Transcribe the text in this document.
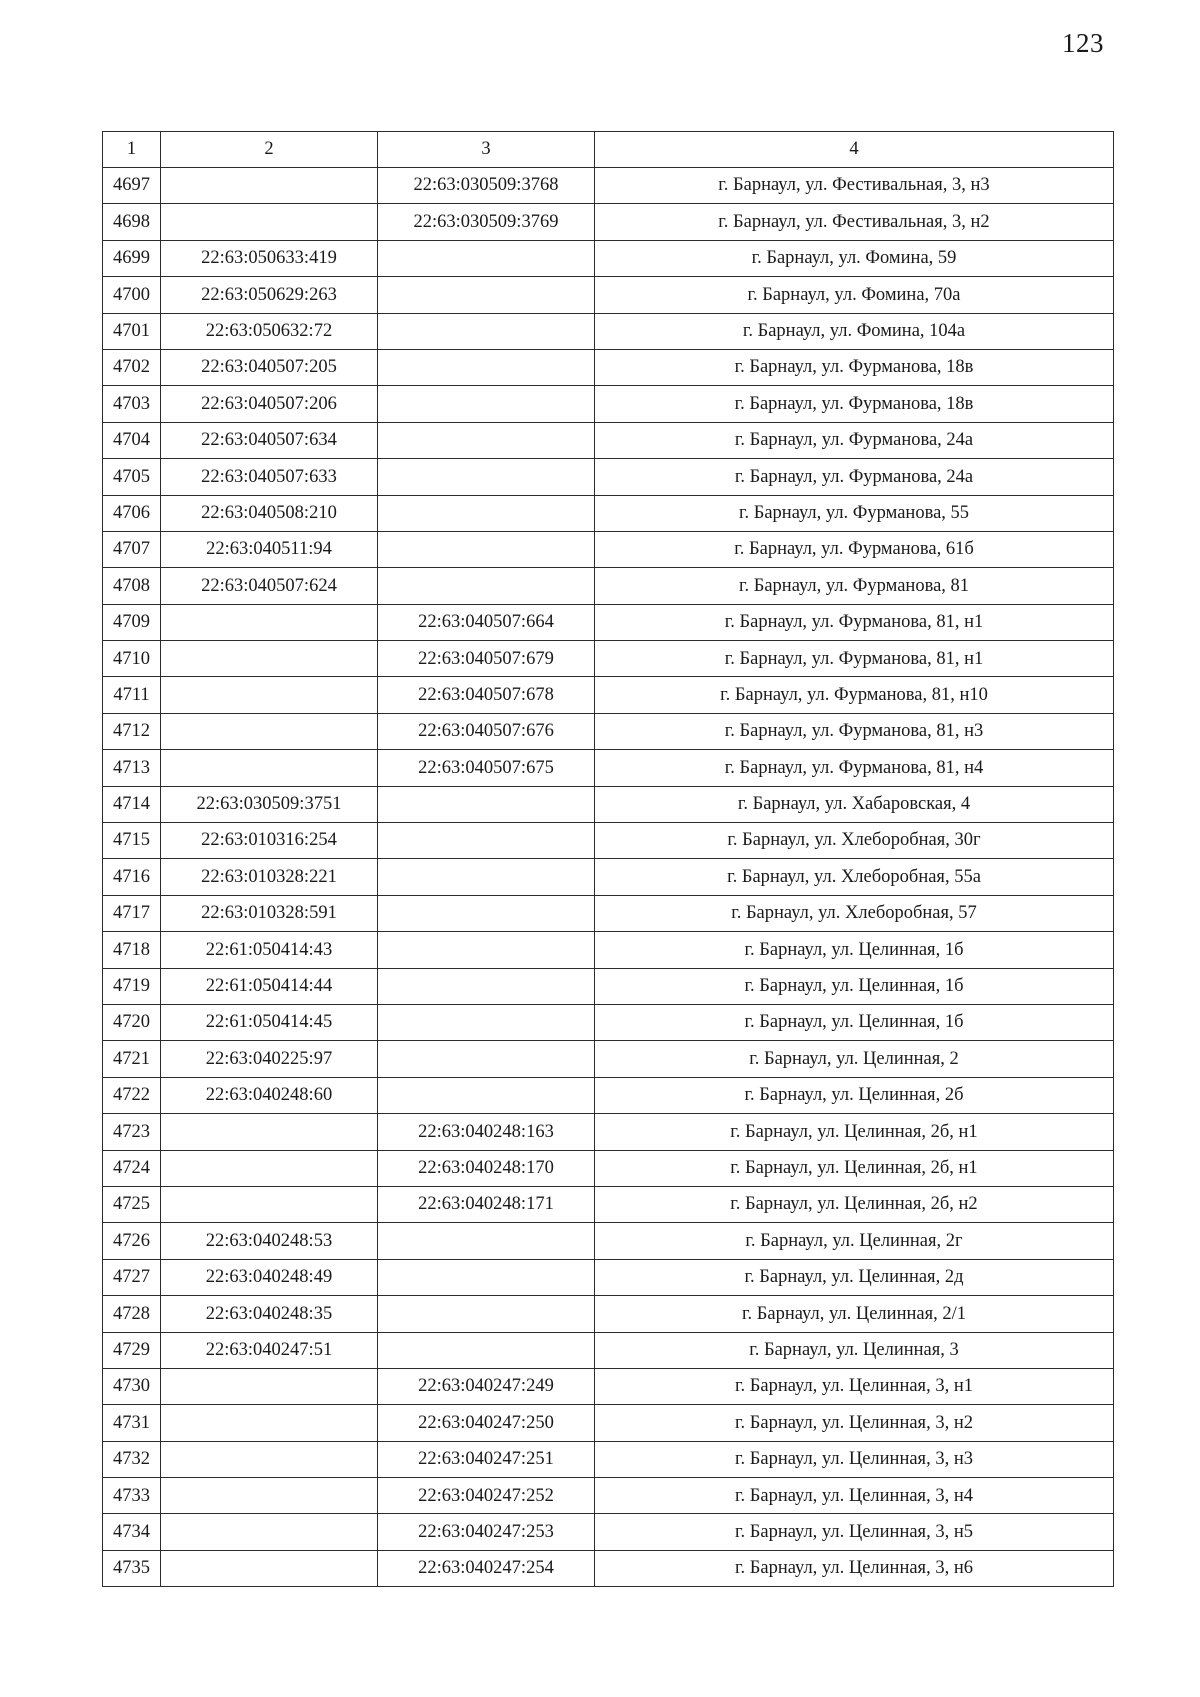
123
1	2	3	4
4697		22:63:030509:3768	г. Барнаул, ул. Фестивальная, 3, н3
4698		22:63:030509:3769	г. Барнаул, ул. Фестивальная, 3, н2
4699	22:63:050633:419		г. Барнаул, ул. Фомина, 59
4700	22:63:050629:263		г. Барнаул, ул. Фомина, 70а
4701	22:63:050632:72		г. Барнаул, ул. Фомина, 104а
4702	22:63:040507:205		г. Барнаул, ул. Фурманова, 18в
4703	22:63:040507:206		г. Барнаул, ул. Фурманова, 18в
4704	22:63:040507:634		г. Барнаул, ул. Фурманова, 24а
4705	22:63:040507:633		г. Барнаул, ул. Фурманова, 24а
4706	22:63:040508:210		г. Барнаул, ул. Фурманова, 55
4707	22:63:040511:94		г. Барнаул, ул. Фурманова, 61б
4708	22:63:040507:624		г. Барнаул, ул. Фурманова, 81
4709		22:63:040507:664	г. Барнаул, ул. Фурманова, 81, н1
4710		22:63:040507:679	г. Барнаул, ул. Фурманова, 81, н1
4711		22:63:040507:678	г. Барнаул, ул. Фурманова, 81, н10
4712		22:63:040507:676	г. Барнаул, ул. Фурманова, 81, н3
4713		22:63:040507:675	г. Барнаул, ул. Фурманова, 81, н4
4714	22:63:030509:3751		г. Барнаул, ул. Хабаровская, 4
4715	22:63:010316:254		г. Барнаул, ул. Хлеборобная, 30г
4716	22:63:010328:221		г. Барнаул, ул. Хлеборобная, 55а
4717	22:63:010328:591		г. Барнаул, ул. Хлеборобная, 57
4718	22:61:050414:43		г. Барнаул, ул. Целинная, 1б
4719	22:61:050414:44		г. Барнаул, ул. Целинная, 1б
4720	22:61:050414:45		г. Барнаул, ул. Целинная, 1б
4721	22:63:040225:97		г. Барнаул, ул. Целинная, 2
4722	22:63:040248:60		г. Барнаул, ул. Целинная, 2б
4723		22:63:040248:163	г. Барнаул, ул. Целинная, 2б, н1
4724		22:63:040248:170	г. Барнаул, ул. Целинная, 2б, н1
4725		22:63:040248:171	г. Барнаул, ул. Целинная, 2б, н2
4726	22:63:040248:53		г. Барнаул, ул. Целинная, 2г
4727	22:63:040248:49		г. Барнаул, ул. Целинная, 2д
4728	22:63:040248:35		г. Барнаул, ул. Целинная, 2/1
4729	22:63:040247:51		г. Барнаул, ул. Целинная, 3
4730		22:63:040247:249	г. Барнаул, ул. Целинная, 3, н1
4731		22:63:040247:250	г. Барнаул, ул. Целинная, 3, н2
4732		22:63:040247:251	г. Барнаул, ул. Целинная, 3, н3
4733		22:63:040247:252	г. Барнаул, ул. Целинная, 3, н4
4734		22:63:040247:253	г. Барнаул, ул. Целинная, 3, н5
4735		22:63:040247:254	г. Барнаул, ул. Целинная, 3, н6
